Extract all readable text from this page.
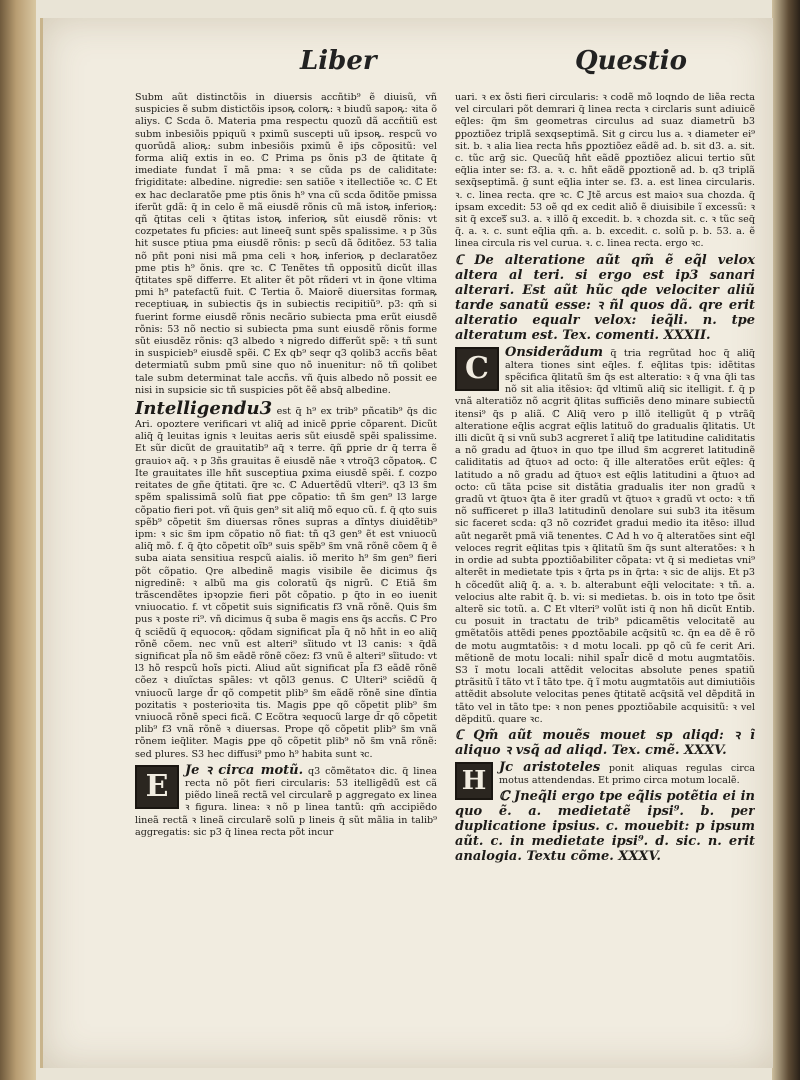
Liber	Questio

Subm aũt distinctõis in diuersis accñtib⁹ ẽ diuisũ, vñ suspicies ẽ subm distictõis ipsoꝶ colorꝶ: ꝛ biudũ sapoꝶ: ꝛita õ aliys. ℂ Scda õ. Materia pma respectu quozũ dã accñtiũ est subm inbesiõis ppiquũ ꝛ pximũ suscepti uũ ipsoꝶ. respcũ vo quorũdã alioꝶ: subm inbesiõis pximũ ẽ ip̃s cõpositũ: vel forma aliq̃ extis in eo. ℂ Prima ps õnis p3 de q̃titate q̃ imediate fundat ĩ mã pma: ꝛ se cũda ps de caliditate: frigiditate: albedine. nigredie: sen satiõe ꝛ itellectiõe ꝛc. ℂ Et ex hac declaratõe pme ptis õnis h⁹ vna cũ scda õditõe pmissa iferũt gdã: q̃ in celo ẽ mã eiusdẽ rõnis cũ mã istoꝶ inferioꝶ: qñ q̃titas celi ꝛ q̃titas istoꝶ inferioꝶ sũt eiusdẽ rõnis: vt cozpetates fu pficies: aut lineeq̃ sunt spẽs spalissime. ꝛ p 3ũs hit susce ptiua pma eiusdẽ rõnis: p secũ dã õditõez. 53 talia nõ pñt poni nisi mã pma celi ꝛ hoꝶ inferioꝶ p declaratõez pme ptis h⁹ õnis. qre ꝛc. ℂ Tenẽtes tñ oppositũ dicũt illas q̃titates spẽ differre. Et aliter ẽt põt rñderi vt in q̃one vltima pmi h⁹ patefactũ fuit. ℂ Tertia õ. Maiorẽ diuersitas formaꝶ receptiuaꝶ in subiectis q̃s in subiectis recipitiũ⁹. p3: qm̃ si fuerint forme eiusdẽ rõnis necãrio subiecta pma erũt eiusdẽ rõnis: 53 nõ nectio si subiecta pma sunt eiusdẽ rõnis forme sũt eiusdẽz rõnis: q3 albedo ꝛ nigredo differũt spẽ: ꝛ tñ sunt in suspicieb⁹ eiusdẽ spẽi. ℂ Ex qb⁹ seqr q3 qolib3 accñs bẽat determiatũ subm pmũ sine quo nõ inuenitur: nõ tñ qolibet tale subm determinat tale accñs. vñ q̃uis albedo nõ possit ee nisi in supsicie sic tñ suspicies põt ẽẽ absq̃ albedine.

Intelligendu3 est q̃ h⁹ ex trib⁹ pñcatib⁹ q̃s dic Ari. opoztere verificari vt aliq̃ ad inicẽ ꝑprie cõparent. Dicũt aliq̃ q̃ leuitas ignis ꝛ leuitas aeris sũt eiusdẽ spẽi spalissime. Et sũr dicũt de grauitatib⁹ aq̃ ꝛ terre. q̃ñ ꝑprie dr q̃ terra ẽ grauioꝛ aq̃. ꝛ p 3ñs grauitas ẽ eiusdẽ nãe ꝛ vtroq̃3 cõpatoꝶ. ℂ Ite grauitates ille hñt susceptiua ꝑxima eiusdẽ spẽi. f. cozpo reitates de gñe q̃titati. q̃re ꝛc. ℂ Aduertẽdũ vlteri⁹. q3 l3 s̃m spẽm spalissimã solũ fiat ꝑpe cõpatio: tñ s̃m gen⁹ l3 large cõpatio fieri pot. vñ q̃uis gen⁹ sit aliq̃ mõ equo cũ. f. q̃ qto suis spẽb⁹ cõpetit s̃m diuersas rõnes supras a dĩntys diuidẽtib⁹ ipm: ꝛ sic s̃m ipm cõpatio nõ fiat: tñ q3 gen⁹ ẽt est vniuocũ aliq̃ mõ. f. q̃ q̃to cõpetit oĩb⁹ suis spẽb⁹ s̃m vnã rõnẽ cõem q̃ ẽ suba aiata sensitiua respcũ aialis. iõ merito h⁹ s̃m gen⁹ fieri põt cõpatio. Qre albedinẽ magis visibile ẽe dicimus q̃s nigredinẽ: ꝛ albũ ma gis coloratũ q̃s nigrũ. ℂ Etiã s̃m trãscendẽtes ipꝛopzie fieri põt cõpatio. p q̃to in eo iuenit vniuocatio. f. vt cõpetit suis significatis f3 vnã rõnẽ. Quis s̃m pus ꝛ poste ri⁹. vñ dicimus q̃ suba ẽ magis ens q̃s accñs. ℂ Pro q̃ sciẽdũ q̃ equocoꝶ: qõdam significat pl̃a q̃ nõ hñt in eo aliq̃ rõnẽ cõem. nec vnũ est alteri⁹ sĩitudo vt l3 canis: ꝛ q̃dã significat pl̃a nõ s̃m eãdẽ rõnẽ cõez: f3 vnũ ẽ alteri⁹ sĩitudo: vt l3 hõ respcũ hoĩs picti. Aliud aũt significat pl̃a f3 eãdẽ rõnẽ cõez ꝛ diuĩctas spãles: vt qõl3 genus. ℂ Ulteri⁹ sciẽdũ q̃ vniuocũ large d̃r qõ competit plib⁹ s̃m eãdẽ rõnẽ sine dĩntia pozitatis ꝛ posterioꝛita tis. Magis ꝑpe qõ cõpetit plib⁹ s̃m vniuocã rõnẽ speci ficã. ℂ Ecõtra ꝛequocũ large d̃r qõ cõpetit plib⁹ f3 vnã rõnẽ ꝛ diuersas. Prope qõ cõpetit plib⁹ s̃m vnã rõnem ieq̃liter. Magis ꝑpe qõ cõpetit plib⁹ nõ s̃m vnã rõnẽ: sed plures. S3 hec diffusi⁹ pmo h⁹ habita sunt ꝛc.

E	Je ꝛ circa motũ. q3 cõmẽtatoꝛ dic. q̃ linea recta nõ põt fieri circularis: 53 itelligẽdũ est cã piẽdo lineã rectã vel circularẽ p aggregato ex linea ꝛ figura. linea: ꝛ nõ p linea tantũ: qm̃ accipiẽdo lineã rectã ꝛ lineã circularẽ solũ p lineis q̃ sũt mãlia in talib⁹ aggregatis: sic p3 q̃ linea recta põt incur

uari. ꝛ ex õsti fieri circularis: ꝛ codẽ mõ loqndo de liẽa recta vel circulari põt demrari q̃ linea recta ꝛ circlaris sunt adiuicẽ eq̃les: q̃m s̃m geometras circulus ad suaz diametrũ b3 ꝑpoztiõez triplã sexqseptimã. Sit g circu lus a. ꝛ diameter ei⁹ sit. b. ꝛ alia liea recta hñs ꝑpoztiõez eãdẽ ad. b. sit d3. a. sit. c. tũc arg̃ sic. Quecũq̃ hñt eãdẽ ꝑpoztiõez alicui tertio sũt eq̃lia inter se: f3. a. ꝛ. c. hñt eãdẽ ꝑpoztionẽ ad. b. q3 triplã sexq̃septimã. g̃ sunt eq̃lia inter se. f3. a. est linea circularis. ꝛ. c. linea recta. qre ꝛc. ℂ Jtẽ arcus est maioꝛ sua chozda. q̃ ipsam excedit: 53 oẽ qd ex cedit aliõ ẽ diuisibile ĩ excessũ: ꝛ sit q̃ excesᷓ su3. a. ꝛ illõ q̃ excedit. b. ꝛ chozda sit. c. ꝛ tũc seq̃ q̃. a. ꝛ. c. sunt eq̃lia qm̃. a. b. excedit. c. solũ p. b. 53. a. ẽ linea circula ris vel curua. ꝛ. c. linea recta. ergo ꝛc.

ℂ De alteratione aũt qm̃ ẽ eq̃l velox altera al teri. si ergo est ip3 sanari alterari. Est aũt hũc qde velociter aliũ tarde sanatũ esse: ꝛ ñl quos dã. qre erit alteratio equalr velox: ieq̃li. n. tpe alteratum est. Tex. comenti. XXXII.

C	Onsiderãdum q̃ tria regrũtad hoc q̃ aliq̃ altera tiones sint eq̃les. f. eq̃litas tpis: idẽtitas spẽcifica q̃litatũ s̃m q̃s est alteratio: ꝛ q̃ vna q̃li tas nõ sit alia itẽsioꝛ: q̃d vltimũ aliq̃ sic itelligit. f. q̃ p vnã alteratiõz nõ acgrit q̃litas sufficiẽs deno minare subiectũ itensi⁹ q̃s p aliã. ℂ Aliq̃ vero p illõ itelligũt q̃ p vtrãq̃ alteratione eq̃lis acgrat eq̃lis latituõ do gradualis q̃litatis. Ut illi dicũt q̃ si vnũ sub3 acgreret ĩ aliq̃ tpe latitudine caliditatis a nõ gradu ad q̃tuoꝛ in quo tpe illud s̃m acgreret latitudinẽ caliditatis ad q̃tuoꝛ ad octo: q̃ ille alteratões erũt eq̃les: q̃ latitudo a nõ gradu ad q̃tuoꝛ est eq̃lis latitudini a q̃tuoꝛ ad octo: cũ tãta pcise sit distãtia gradualis iter non gradũ ꝛ gradũ vt q̃tuoꝛ q̃ta ẽ iter gradũ vt q̃tuoꝛ ꝛ gradũ vt octo: ꝛ tñ nõ sufficeret p illa3 latitudinũ denolare sui sub3 ita itẽsum sic faceret scda: q3 nõ cozriđet gradui medio ita itẽso: illud aũt negarẽt pmã viã tenentes. ℂ Ad h vo q̃ alteratões sint eq̃l veloces regrit eq̃litas tpis ꝛ q̃litatũ s̃m q̃s sunt alteratões: ꝛ h in ordie ad subta ꝑpoztiõabiliter cõpata: vt q̃ si medietas vni⁹ alterẽt in medietate tpis ꝛ q̃rta ps in q̃rta: ꝛ sic de alijs. Et p3 h cõcedũt aliq̃ q̃. a. ꝛ. b. alterabunt eq̃li velocitate: ꝛ tñ. a. velocius alte rabit q̃. b. vi: si medietas. b. ois in toto tpe õsit alterẽ sic totũ. a. ℂ Et vlteri⁹ volũt isti q̃ non hñ dicũt Entib. cu posuit in tractatu de trib⁹ pdicamẽtis velocitatẽ au gmẽtatõis attẽdi penes ꝑpoztõabile acq̃sitũ ꝛc. q̃n ea dẽ ẽ rõ de motu augmtatõis: ꝛ d motu locali. pp qõ cũ fe cerit Ari. mẽtionẽ de motu locali: nihil spal̃r dicẽ d motu augmtatõis. S3 ĩ motu locali attẽdit velocitas absolute penes spatiũ ꝑtrãsitũ ĩ tãto vt ĩ tãto tpe. q̃ ĩ motu augmtatõis aut dimiutiõis attẽdit absolute velocitas penes q̃titatẽ acq̃sitã vel dẽpditã in tãto vel in tãto tpe: ꝛ non penes ꝑpoztiõabile acquisitũ: ꝛ vel dẽpditũ. quare ꝛc.

ℂ Qm̃ aũt mouẽs mouet sp aliqd: ꝛ ĩ aliquo ꝛ vsq̃ ad aliqd. Tex. cmẽ. XXXV.

H Jc aristoteles ponit aliquas regulas circa motus attendendas. Et primo circa motum localẽ.

ℂ Jneq̃li ergo tpe eq̃lis potẽtia ei in quo ẽ. a. medietatẽ ipsi⁹. b. per duplicatione ipsius. c. mouebit: p ipsum aũt. c. in medietate ipsi⁹. d. sic. n. erit analogia. Textu cõme. XXXV.
